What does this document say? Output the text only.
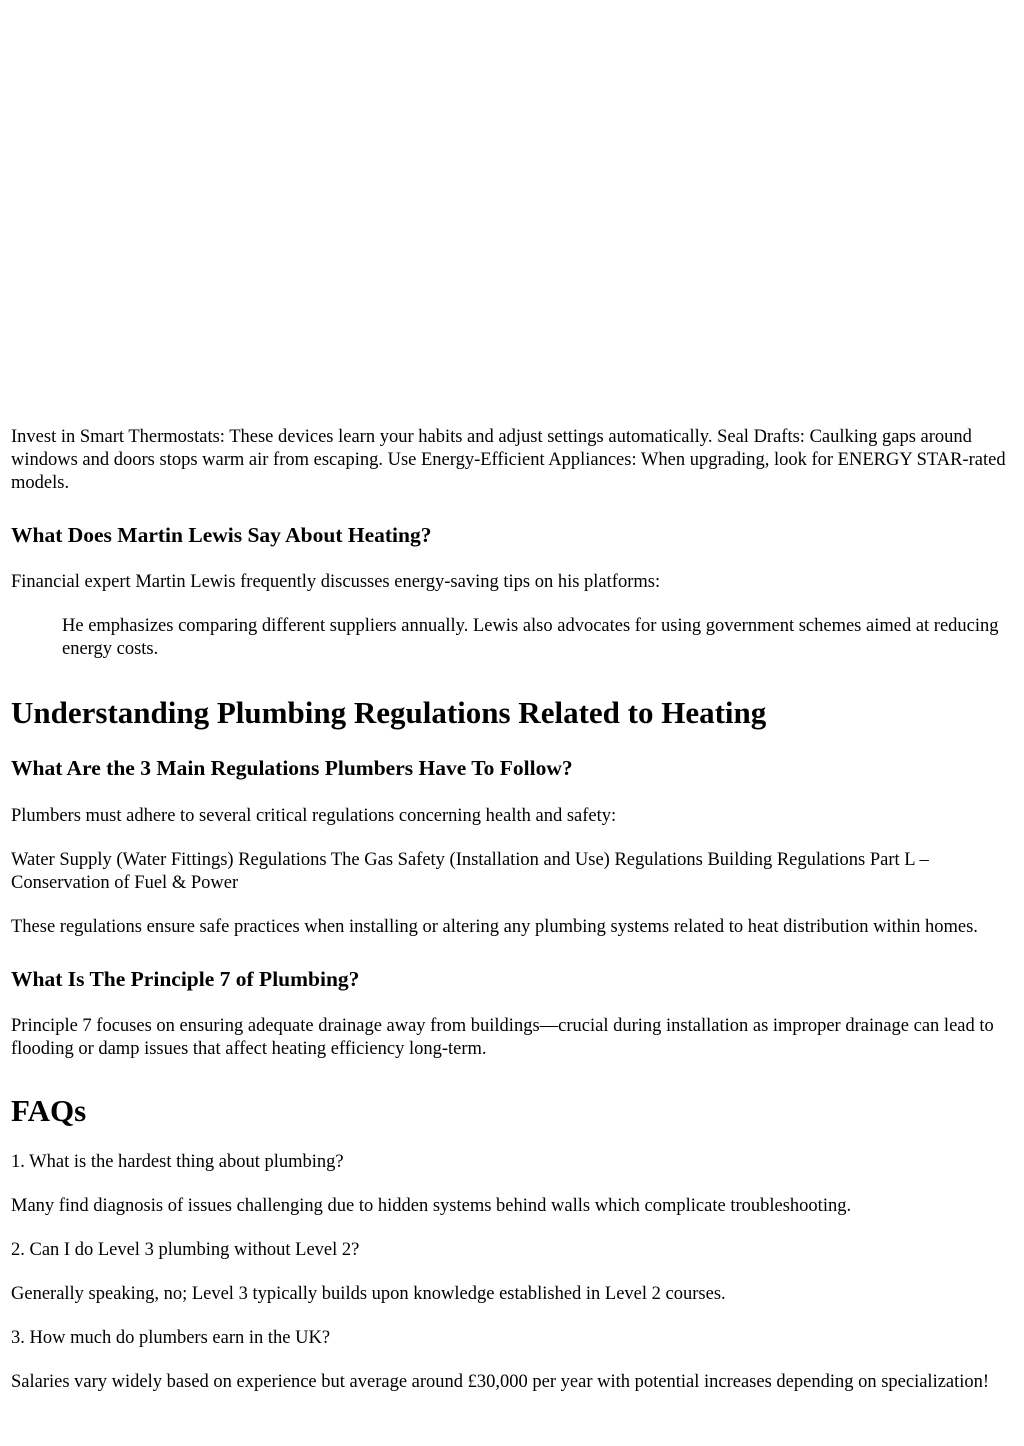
Invest in Smart Thermostats: These devices learn your habits and adjust settings automatically. Seal Drafts: Caulking gaps around windows and doors stops warm air from escaping. Use Energy-Efficient Appliances: When upgrading, look for ENERGY STAR-rated models.

What Does Martin Lewis Say About Heating?

Financial expert Martin Lewis frequently discusses energy-saving tips on his platforms:

He emphasizes comparing different suppliers annually. Lewis also advocates for using government schemes aimed at reducing energy costs.
Understanding Plumbing Regulations Related to Heating
What Are the 3 Main Regulations Plumbers Have To Follow?

Plumbers must adhere to several critical regulations concerning health and safety:

Water Supply (Water Fittings) Regulations The Gas Safety (Installation and Use) Regulations Building Regulations Part L – Conservation of Fuel & Power

These regulations ensure safe practices when installing or altering any plumbing systems related to heat distribution within homes.

What Is The Principle 7 of Plumbing?

Principle 7 focuses on ensuring adequate drainage away from buildings—crucial during installation as improper drainage can lead to flooding or damp issues that affect heating efficiency long-term.

FAQs

1. What is the hardest thing about plumbing?

Many find diagnosis of issues challenging due to hidden systems behind walls which complicate troubleshooting.

2. Can I do Level 3 plumbing without Level 2?

Generally speaking, no; Level 3 typically builds upon knowledge established in Level 2 courses.

3. How much do plumbers earn in the UK?

Salaries vary widely based on experience but average around £30,000 per year with potential increases depending on specialization!
